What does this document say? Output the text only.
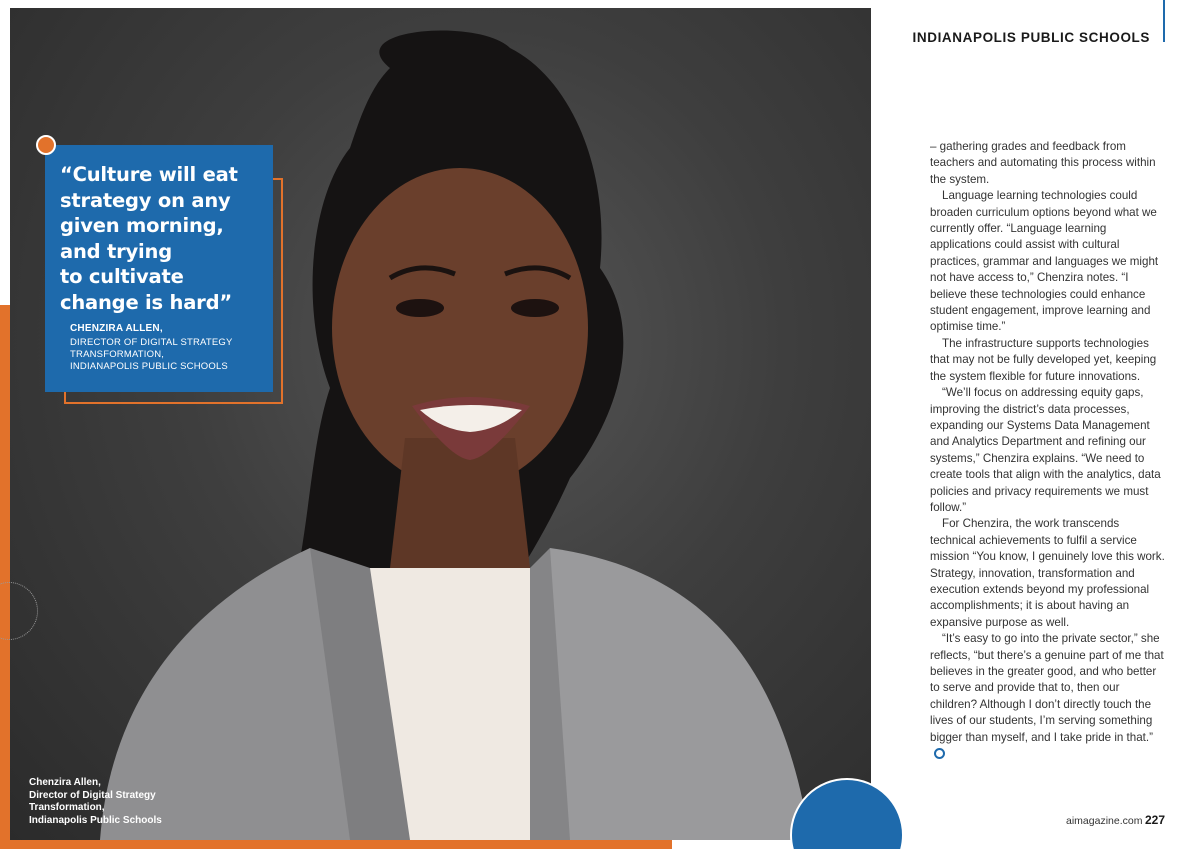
“Culture will eat
strategy on any
given morning,
and trying
to cultivate
change is hard”
CHENZIRA ALLEN,
DIRECTOR OF DIGITAL STRATEGY
TRANSFORMATION,
INDIANAPOLIS PUBLIC SCHOOLS
Chenzira Allen,
Director of Digital Strategy
Transformation,
Indianapolis Public Schools
INDIANAPOLIS PUBLIC SCHOOLS

– gathering grades and feedback from teachers and automating this process within the system.

Language learning technologies could broaden curriculum options beyond what we currently offer. “Language learning applications could assist with cultural practices, grammar and languages we might not have access to,” Chenzira notes. “I believe these technologies could enhance student engagement, improve learning and optimise time.”

The infrastructure supports technologies that may not be fully developed yet, keeping the system flexible for future innovations.

“We’ll focus on addressing equity gaps, improving the district’s data processes, expanding our Systems Data Management and Analytics Department and refining our systems,” Chenzira explains. “We need to create tools that align with the analytics, data policies and privacy requirements we must follow.”

For Chenzira, the work transcends technical achievements to fulfil a service mission “You know, I genuinely love this work. Strategy, innovation, transformation and execution extends beyond my professional accomplishments; it is about having an expansive purpose as well.

“It’s easy to go into the private sector,” she reflects, “but there’s a genuine part of me that believes in the greater good, and who better to serve and provide that to, then our children? Although I don’t directly touch the lives of our students, I’m serving something bigger than myself, and I take pride in that.”

aimagazine.com 227
